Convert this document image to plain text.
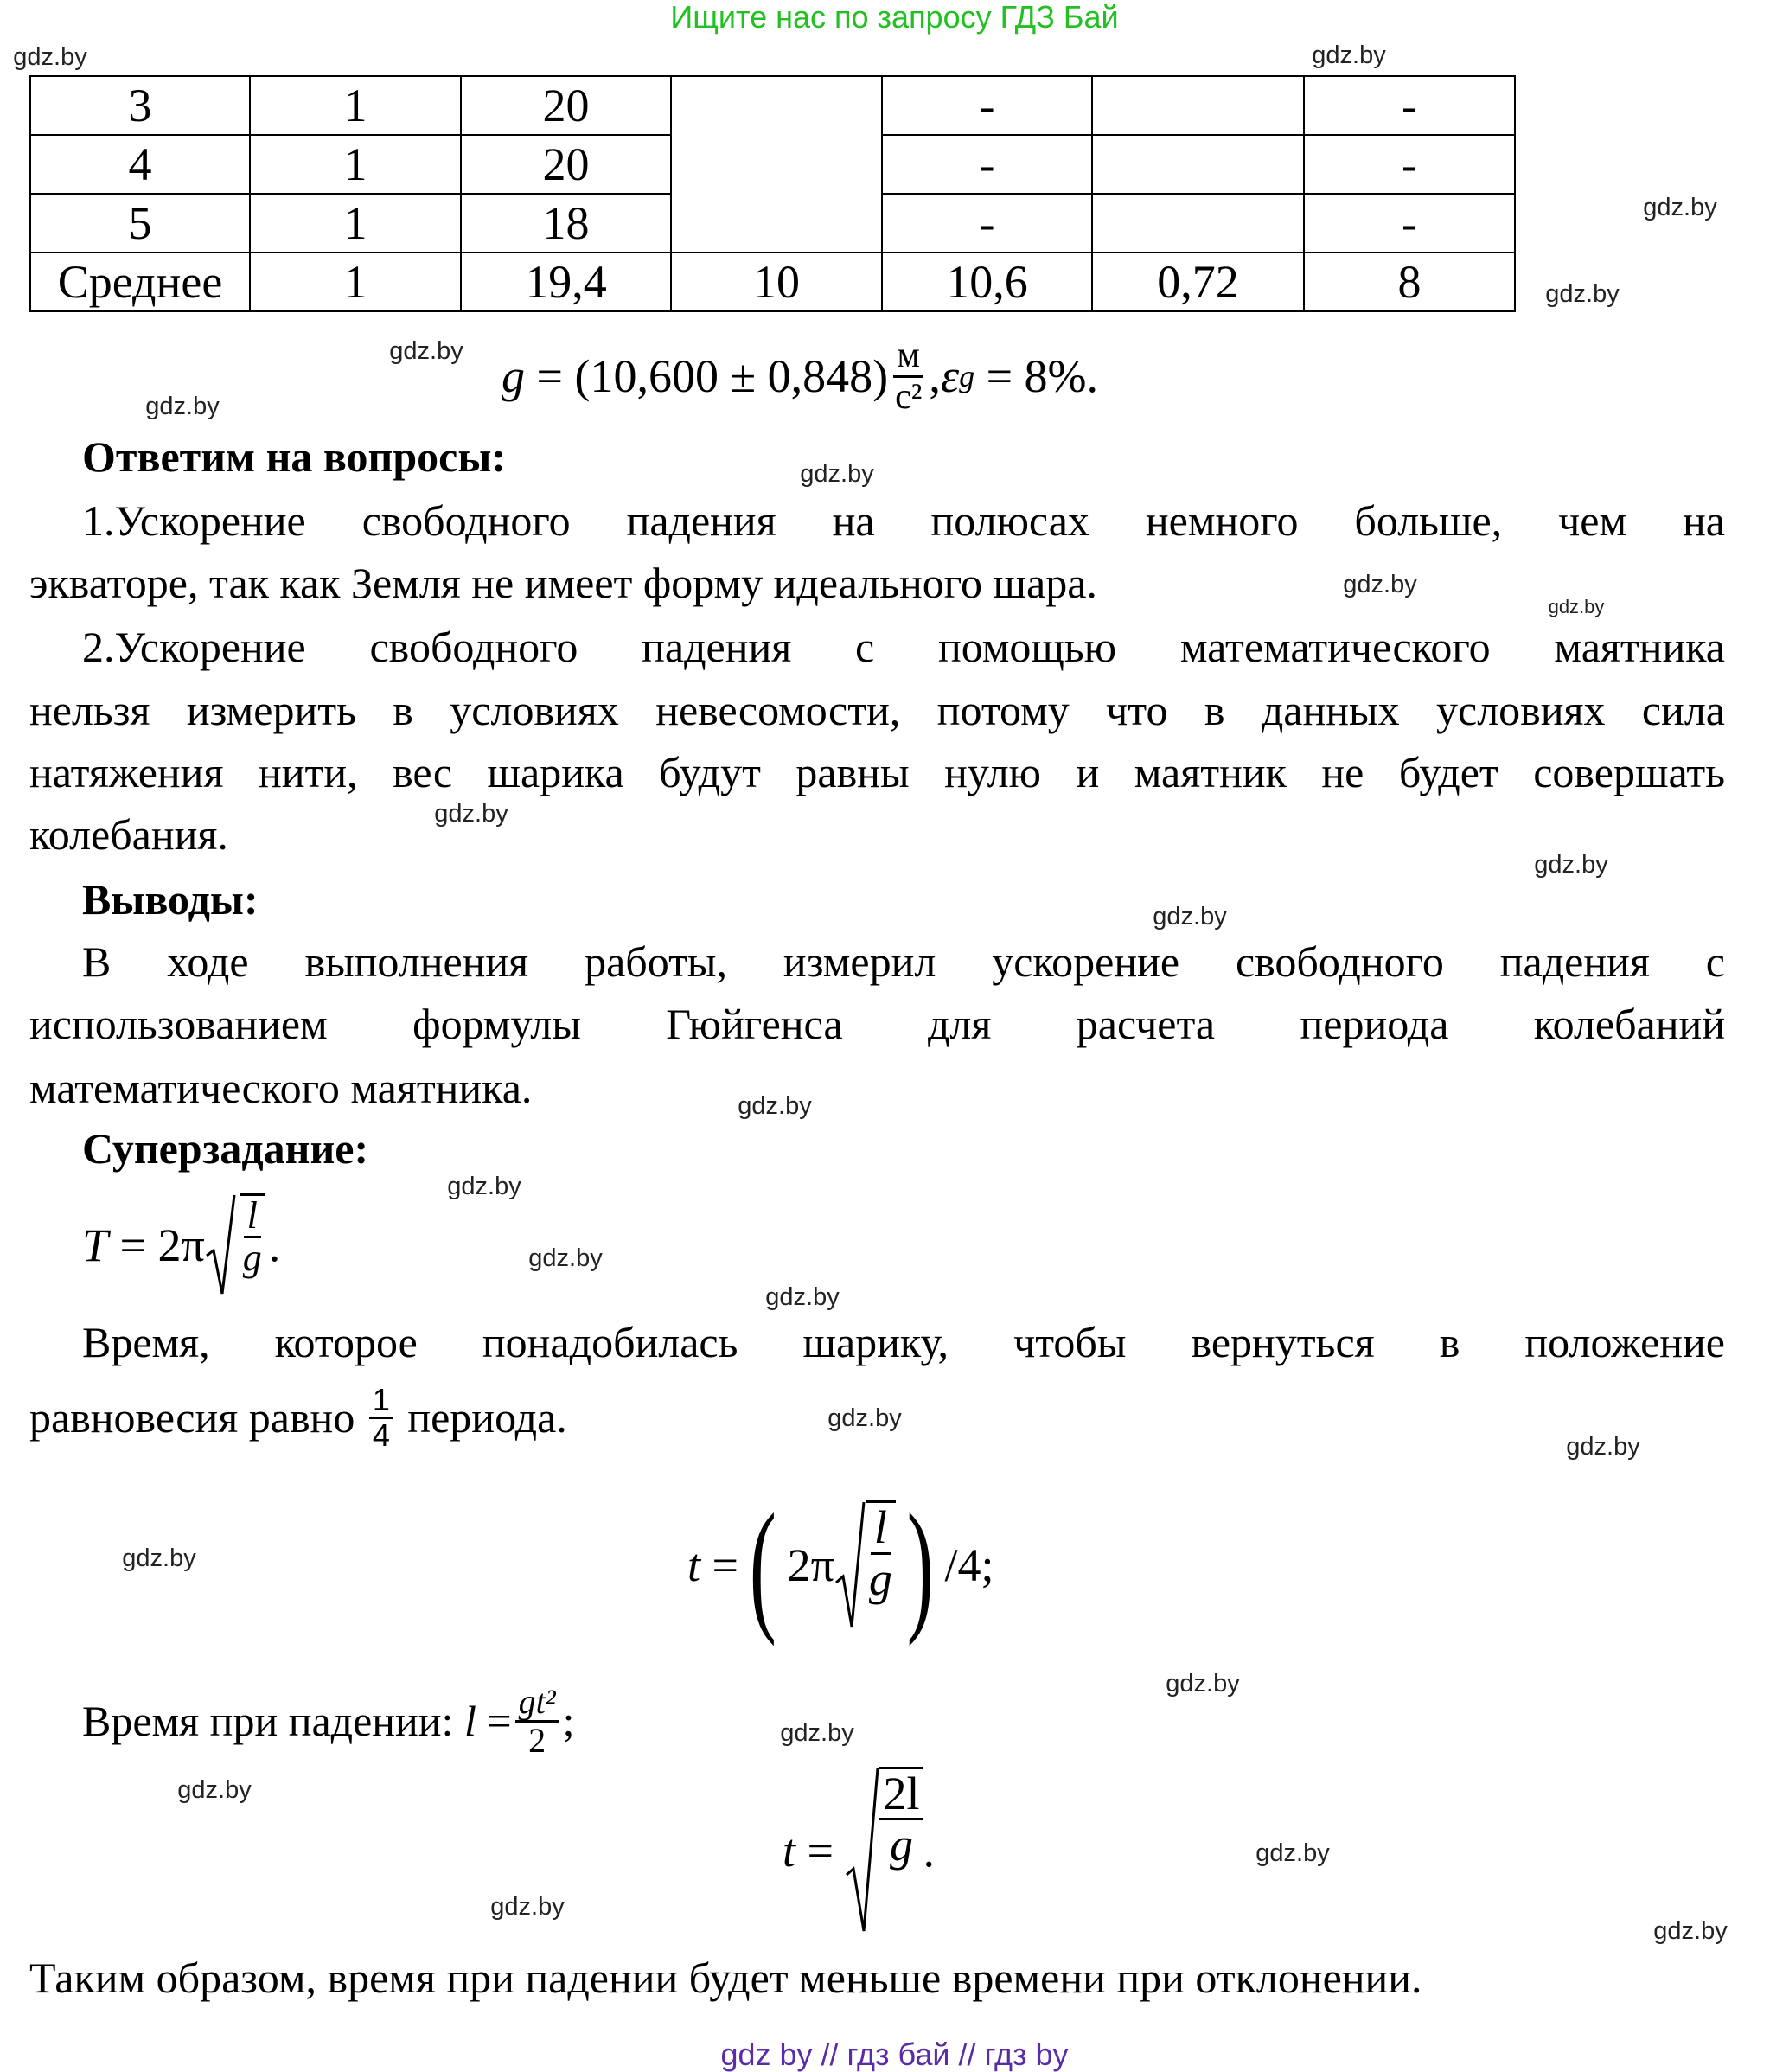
Ищите нас по запросу ГДЗ Бай
3	1	20		-		-
4	1	20		-		-
5	1	18		-		-
Среднее	1	19,4	10	10,6	0,72	8
g
=
$(10,600 \pm 0,848) \frac{м}{\text{с²}}$ , ε g
= 8%.
Ответим на вопросы:
1.Ускорение свободного падения на полюсах немного больше, чем на
экваторе, так как Земля не имеет форму идеального шара.
2.Ускорение свободного падения с помощью математического маятника
нельзя измерить в условиях невесомости, потому что в данных условиях сила
натяжения нити, вес шарика будут равны нулю и маятник не будет совершать
колебания.
Выводы:
В ходе выполнения работы, измерил ускорение свободного падения с
использованием формулы Гюйгенса для расчета периода колебаний
математического маятника.
Суперзадание:
T
=
$2\pi \frac{l}{g}$ .
Время, которое понадобилась шарику, чтобы вернуться в положение
равновесия равно
$\frac{1}{4}$
периода.
t
= ( $2\pi \frac{l}{g}$ ) /4;
Время при падении:
l
= $\frac{\text{gt²}}{2}$ ;
t
=
$\frac{2l}{g}$ .
Таким образом, время при падении будет меньше времени при отклонении.
gdz by // гдз бай // гдз by
gdz.by	gdz.by
gdz.by
gdz.by
gdz.by
gdz.by
gdz.by
gdz.by
gdz.by
gdz.by
gdz.by
gdz.by
gdz.by
gdz.by
gdz.by
gdz.by
gdz.by
gdz.by
gdz.by
gdz.by
gdz.by
gdz.by
gdz.by
gdz.by
gdz.by
